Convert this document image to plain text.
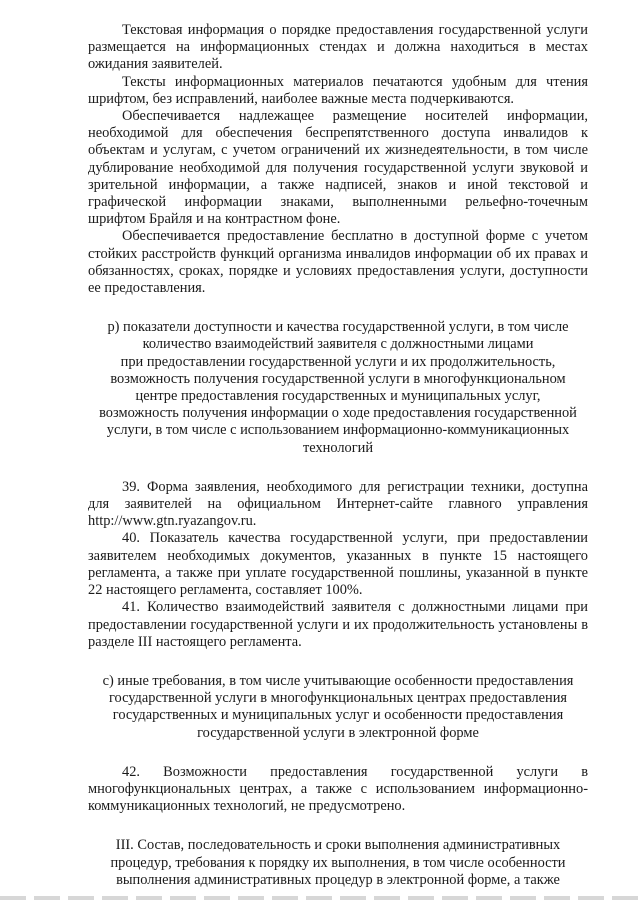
Текстовая информация о порядке предоставления государственной услуги размещается на информационных стендах и должна находиться в местах ожидания заявителей.

Тексты информационных материалов печатаются удобным для чтения шрифтом, без исправлений, наиболее важные места подчеркиваются.

Обеспечивается надлежащее размещение носителей информации, необходимой для обеспечения беспрепятственного доступа инвалидов к объектам и услугам, с учетом ограничений их жизнедеятельности, в том числе дублирование необходимой для получения государственной услуги звуковой и зрительной информации, а также надписей, знаков и иной текстовой и графической информации знаками, выполненными рельефно-точечным шрифтом Брайля и на контрастном фоне.

Обеспечивается предоставление бесплатно в доступной форме с учетом стойких расстройств функций организма инвалидов информации об их правах и обязанностях, сроках, порядке и условиях предоставления услуги, доступности ее предоставления.

р) показатели доступности и качества государственной услуги, в том числе

количество взаимодействий заявителя с должностными лицами

при предоставлении государственной услуги и их продолжительность,

возможность получения государственной услуги в многофункциональном

центре предоставления государственных и муниципальных услуг,

возможность получения информации о ходе предоставления государственной

услуги, в том числе с использованием информационно-коммуникационных

технологий

39. Форма заявления, необходимого для регистрации техники, доступна для заявителей на официальном Интернет-сайте главного управления http://www.gtn.ryazangov.ru.

40. Показатель качества государственной услуги, при предоставлении заявителем необходимых документов, указанных в пункте 15 настоящего регламента, а также при уплате государственной пошлины, указанной в пункте 22 настоящего регламента, составляет 100%.

41. Количество взаимодействий заявителя с должностными лицами при предоставлении государственной услуги и их продолжительность установлены в разделе III настоящего регламента.

с) иные требования, в том числе учитывающие особенности предоставления

государственной услуги в многофункциональных центрах предоставления

государственных и муниципальных услуг и особенности предоставления

государственной услуги в электронной форме

42. Возможности предоставления государственной услуги в многофункциональных центрах, а также с использованием информационно-коммуникационных технологий, не предусмотрено.

III. Состав, последовательность и сроки выполнения административных

процедур, требования к порядку их выполнения, в том числе особенности

выполнения административных процедур в электронной форме, а также
